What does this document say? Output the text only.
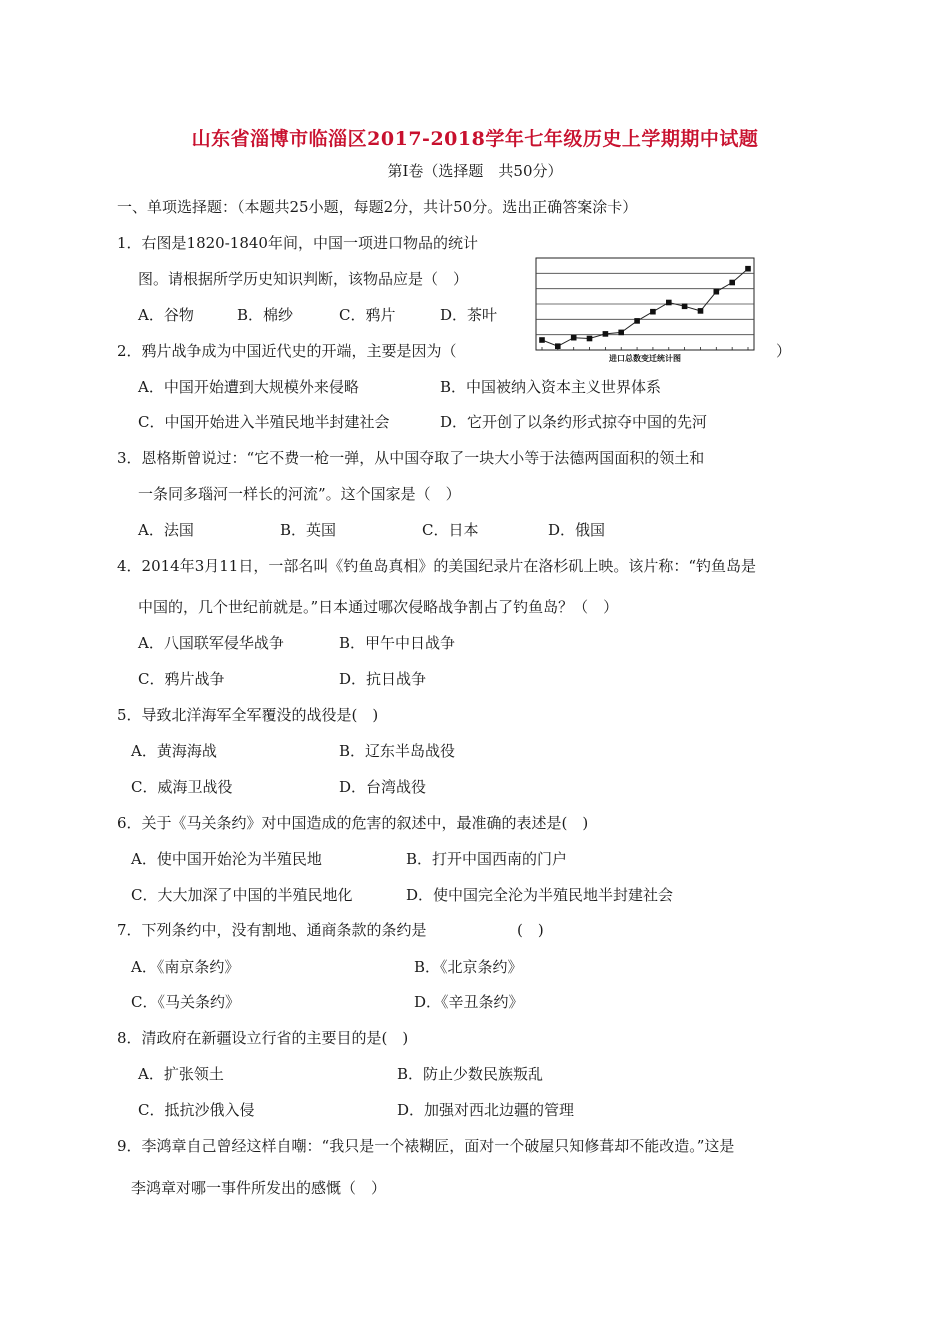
山东省淄博市临淄区2017-2018学年七年级历史上学期期中试题
第Ⅰ卷（选择题　共50分）
一、单项选择题：（本题共25小题，每题2分，共计50分。选出正确答案涂卡）
1．右图是1820-1840年间，中国一项进口物品的统计
图。请根据所学历史知识判断，该物品应是（　）
A．谷物	B．棉纱	C．鸦片	D．茶叶
进口总数变迁统计图
2．鸦片战争成为中国近代史的开端，主要是因为（	）
A．中国开始遭到大规模外来侵略	B．中国被纳入资本主义世界体系
C．中国开始进入半殖民地半封建社会	D．它开创了以条约形式掠夺中国的先河
3．恩格斯曾说过：“它不费一枪一弹，从中国夺取了一块大小等于法德两国面积的领土和
一条同多瑙河一样长的河流”。这个国家是（　）
A．法国	B．英国	C．日本	D．俄国
4．2014年3月11日，一部名叫《钓鱼岛真相》的美国纪录片在洛杉矶上映。该片称：“钓鱼岛是
中国的，几个世纪前就是。”日本通过哪次侵略战争割占了钓鱼岛？（　）
A．八国联军侵华战争	B．甲午中日战争
C．鸦片战争	D．抗日战争
5．导致北洋海军全军覆没的战役是(　)
A．黄海海战	B．辽东半岛战役
C．威海卫战役	D．台湾战役
6．关于《马关条约》对中国造成的危害的叙述中，最准确的表述是(　)
A．使中国开始沦为半殖民地	B．打开中国西南的门户
C．大大加深了中国的半殖民地化	D．使中国完全沦为半殖民地半封建社会
7．下列条约中，没有割地、通商条款的条约是	(　)
A．《南京条约》	B．《北京条约》
C．《马关条约》	D．《辛丑条约》
8．清政府在新疆设立行省的主要目的是(　)
A．扩张领土	B．防止少数民族叛乱
C．抵抗沙俄入侵	D．加强对西北边疆的管理
9．李鸿章自己曾经这样自嘲：“我只是一个裱糊匠，面对一个破屋只知修葺却不能改造。”这是
李鸿章对哪一事件所发出的感慨（　）
